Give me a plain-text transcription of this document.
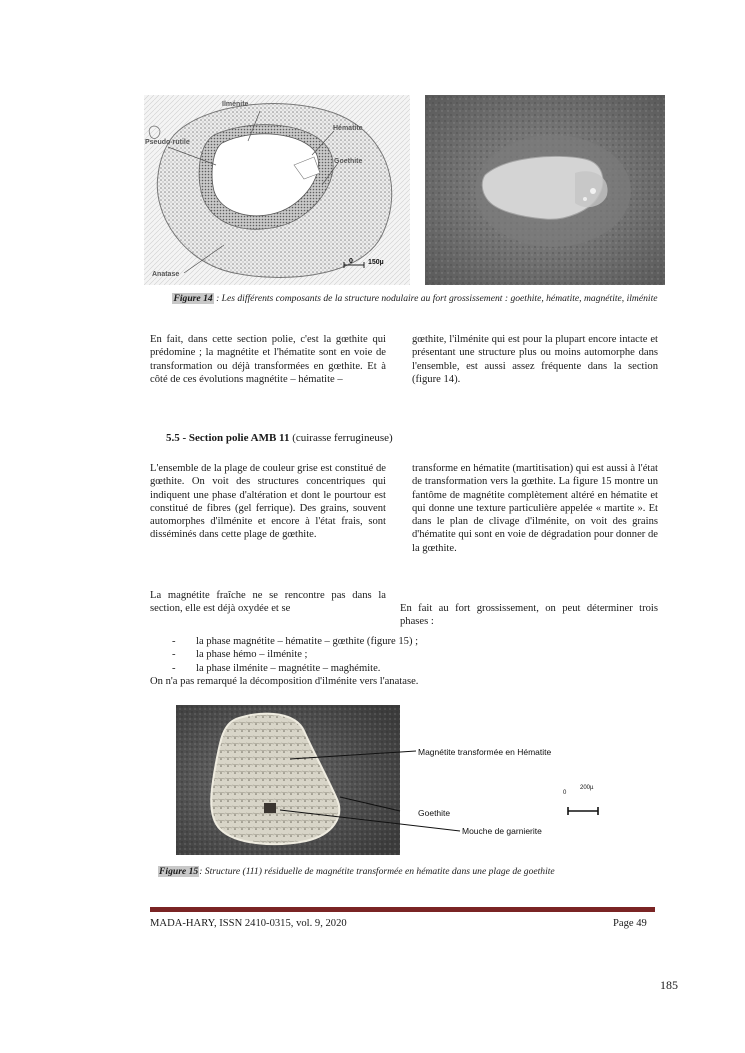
Ilménite
Pseudo-rutile
Hématite
Goethite
Anatase
0 150µ
Figure 14 : Les différents composants de la structure nodulaire au fort grossissement : goethite, hématite, magnétite, ilménite
En fait, dans cette section polie, c'est la gœthite qui prédomine ; la magnétite et l'hématite sont en voie de transformation ou déjà transformées en gœthite. Et à côté de ces évolutions magnétite – hématite –
gœthite, l'ilménite qui est pour la plupart encore intacte et présentant une structure plus ou moins automorphe dans l'ensemble, est aussi assez fréquente dans la section (figure 14).
5.5 - Section polie AMB 11 (cuirasse ferrugineuse)
L'ensemble de la plage de couleur grise est constitué de gœthite. On voit des structures concentriques qui indiquent une phase d'altération et dont le pourtour est constitué de fibres (gel ferrique). Des grains, souvent automorphes d'ilménite et encore à l'état frais, sont disséminés dans cette plage de gœthite.
La magnétite fraîche ne se rencontre pas dans la section, elle est déjà oxydée et se
transforme en hématite (martitisation) qui est aussi à l'état de transformation vers la gœthite. La figure 15 montre un fantôme de magnétite complètement altéré en hématite et qui donne une texture particulière appelée « martite ». Et dans le plan de clivage d'ilménite, on voit des grains d'hématite qui sont en voie de dégradation pour donner de la gœthite.
En fait au fort grossissement, on peut déterminer trois phases :
- la phase magnétite – hématite – gœthite (figure 15) ;
- la phase hémo – ilménite ;
- la phase ilménite – magnétite – maghémite.
On n'a pas remarqué la décomposition d'ilménite vers l'anatase.
Magnétite transformée en Hématite
Goethite
Mouche de garnierite
0
200µ
Figure 15: Structure (111) résiduelle de magnétite transformée en hématite dans une plage de goethite
MADA-HARY, ISSN 2410-0315, vol. 9, 2020	Page 49
185
